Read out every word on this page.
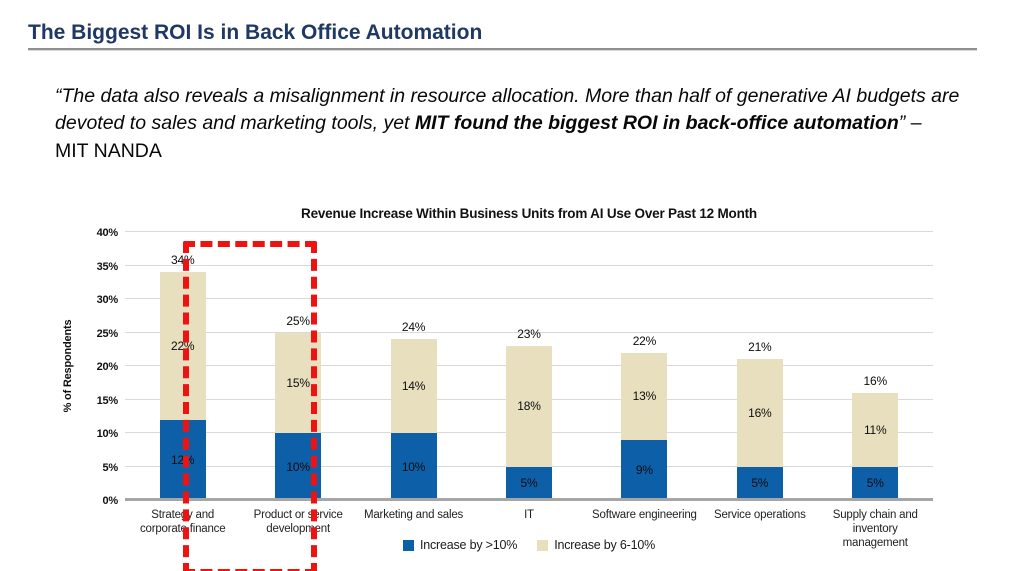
The Biggest ROI Is in Back Office Automation
“The data also reveals a misalignment in resource allocation. More than half of generative AI budgets are devoted to sales and marketing tools, yet MIT found the biggest ROI in back-office automation” – MIT NANDA
Revenue Increase Within Business Units from AI Use Over Past 12 Month
% of Respondents
12%
22%
34%
10%
15%
25%
10%
14%
24%
5%
18%
23%
9%
13%
22%
5%
16%
21%
5%
11%
16%
0%
5%
10%
15%
20%
25%
30%
35%
40%
Strategy and
corporate finance
Product or service
development
Marketing and sales	IT	Software engineering	Service operations	Supply chain and
inventory
management
Increase by >10%	Increase by 6-10%
